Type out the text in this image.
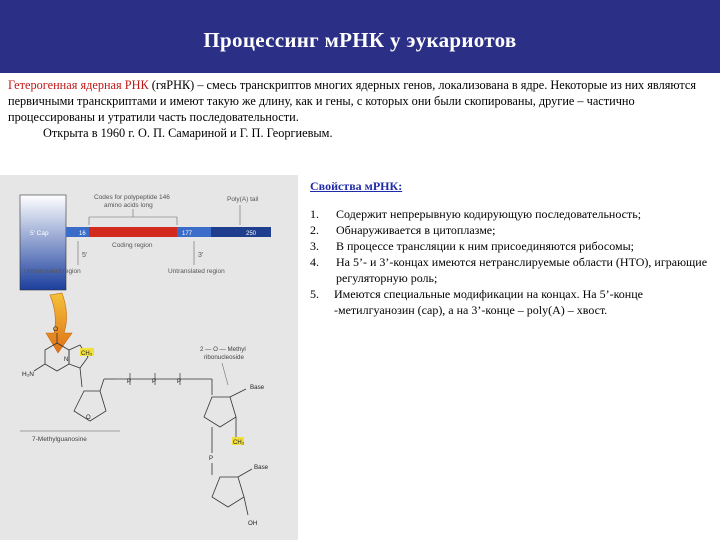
Процессинг мРНК у эукариотов
Гетерогенная ядерная РНК (гяРНК) – смесь транскриптов многих ядерных генов, локализована в ядре. Некоторые из них являются первичными транскриптами и имеют такую же длину, как и гены, с которых они были скопированы, другие – частично процессированы и утратили часть последовательности.
Открыта в 1960 г. О. П. Самариной и Г. П. Георгиевым.
5' Cap	16	177	250
Codes for polypeptide 146
amino acids long
Poly(A) tail
Coding region
5'	3'
Untranslated region	Untranslated region
O
H₂N
N
CH₃
O
P	P	P
2 — O — Methyl
ribonucleoside
Base
CH₃
P
Base
OH
7-Methylguanosine
Свойства мРНК:
1.	Содержит непрерывную кодирующую последовательность;
2.	Обнаруживается в цитоплазме;
3.	В процессе трансляции к ним присоединяются рибосомы;
4.	На 5’- и 3’-концах имеются нетранслируемые области (НТО), играющие регуляторную роль;
5.	Имеются специальные модификации на концах. На 5’-конце -метилгуанозин (cap), а на 3’-конце – poly(A) – хвост.
